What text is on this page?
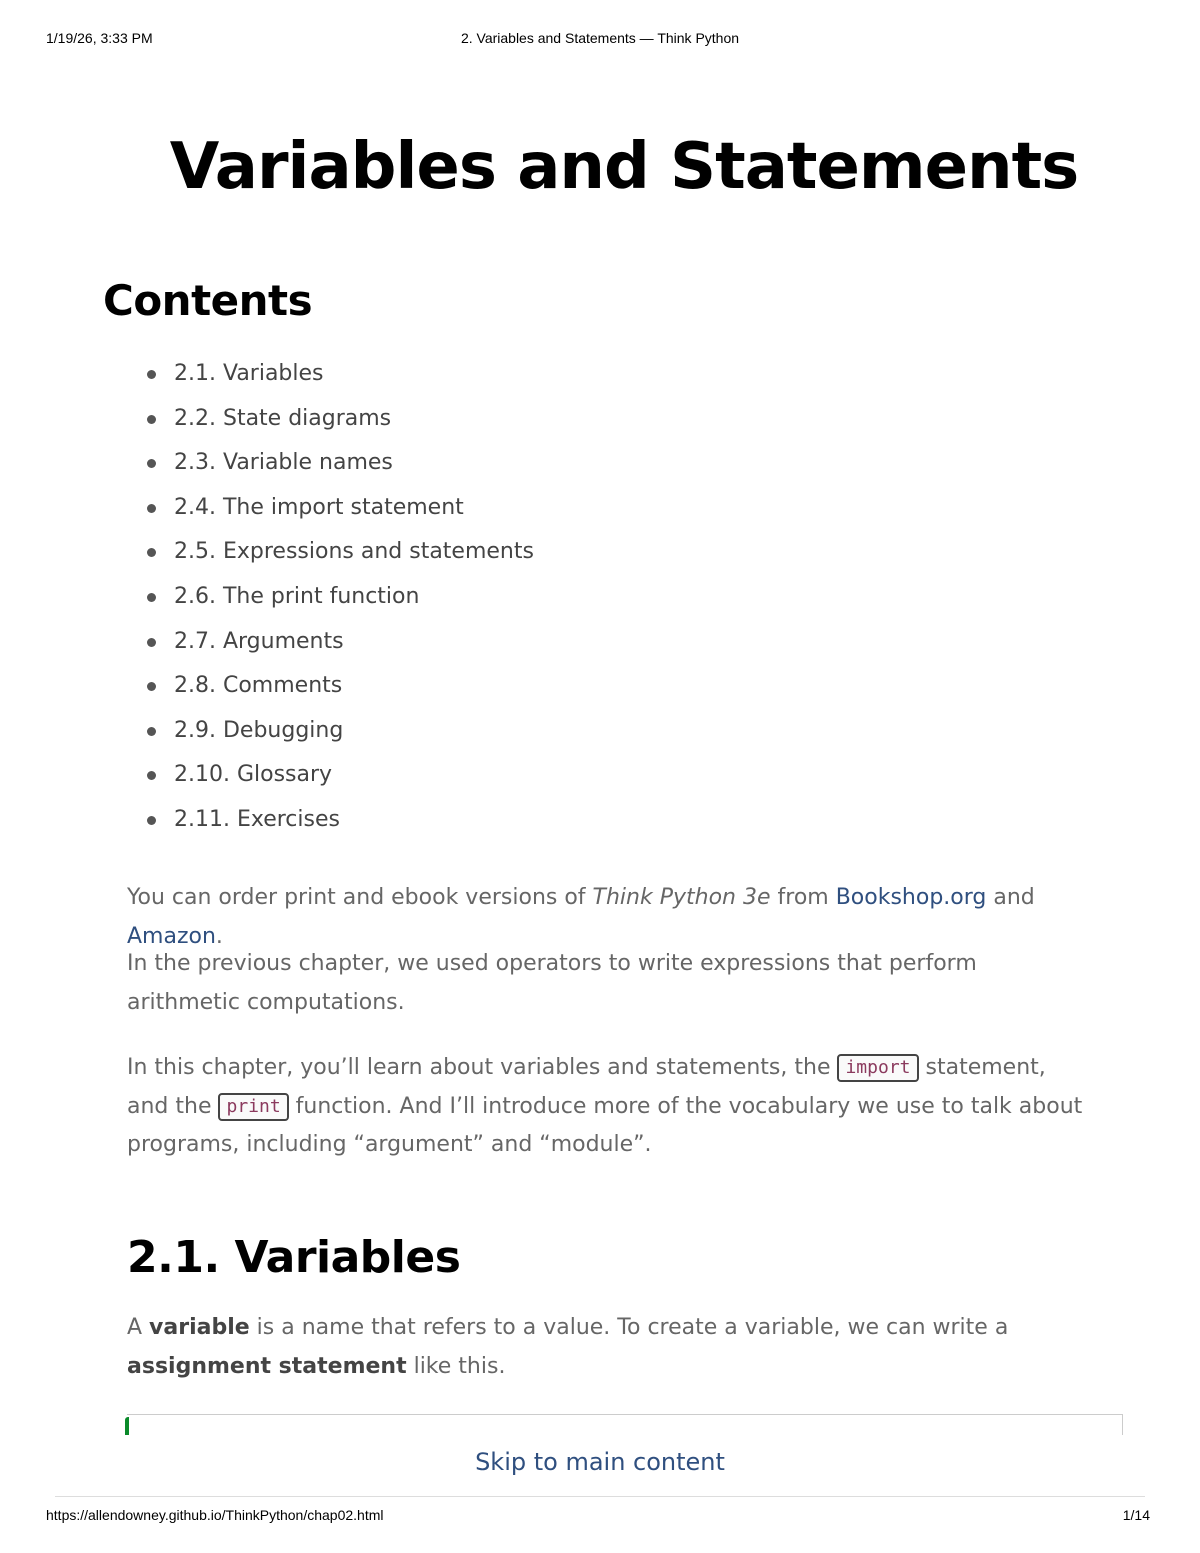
1/19/26, 3:33 PM	2. Variables and Statements — Think Python
Variables and Statements
Contents
2.1. Variables
2.2. State diagrams
2.3. Variable names
2.4. The import statement
2.5. Expressions and statements
2.6. The print function
2.7. Arguments
2.8. Comments
2.9. Debugging
2.10. Glossary
2.11. Exercises

You can order print and ebook versions of Think Python 3e from Bookshop.org and Amazon.

In the previous chapter, we used operators to write expressions that perform arithmetic computations.

In this chapter, you’ll learn about variables and statements, the import statement, and the print function. And I’ll introduce more of the vocabulary we use to talk about programs, including “argument” and “module”.

2.1. Variables

A variable is a name that refers to a value. To create a variable, we can write a assignment statement like this.

Skip to main content
https://allendowney.github.io/ThinkPython/chap02.html	1/14
